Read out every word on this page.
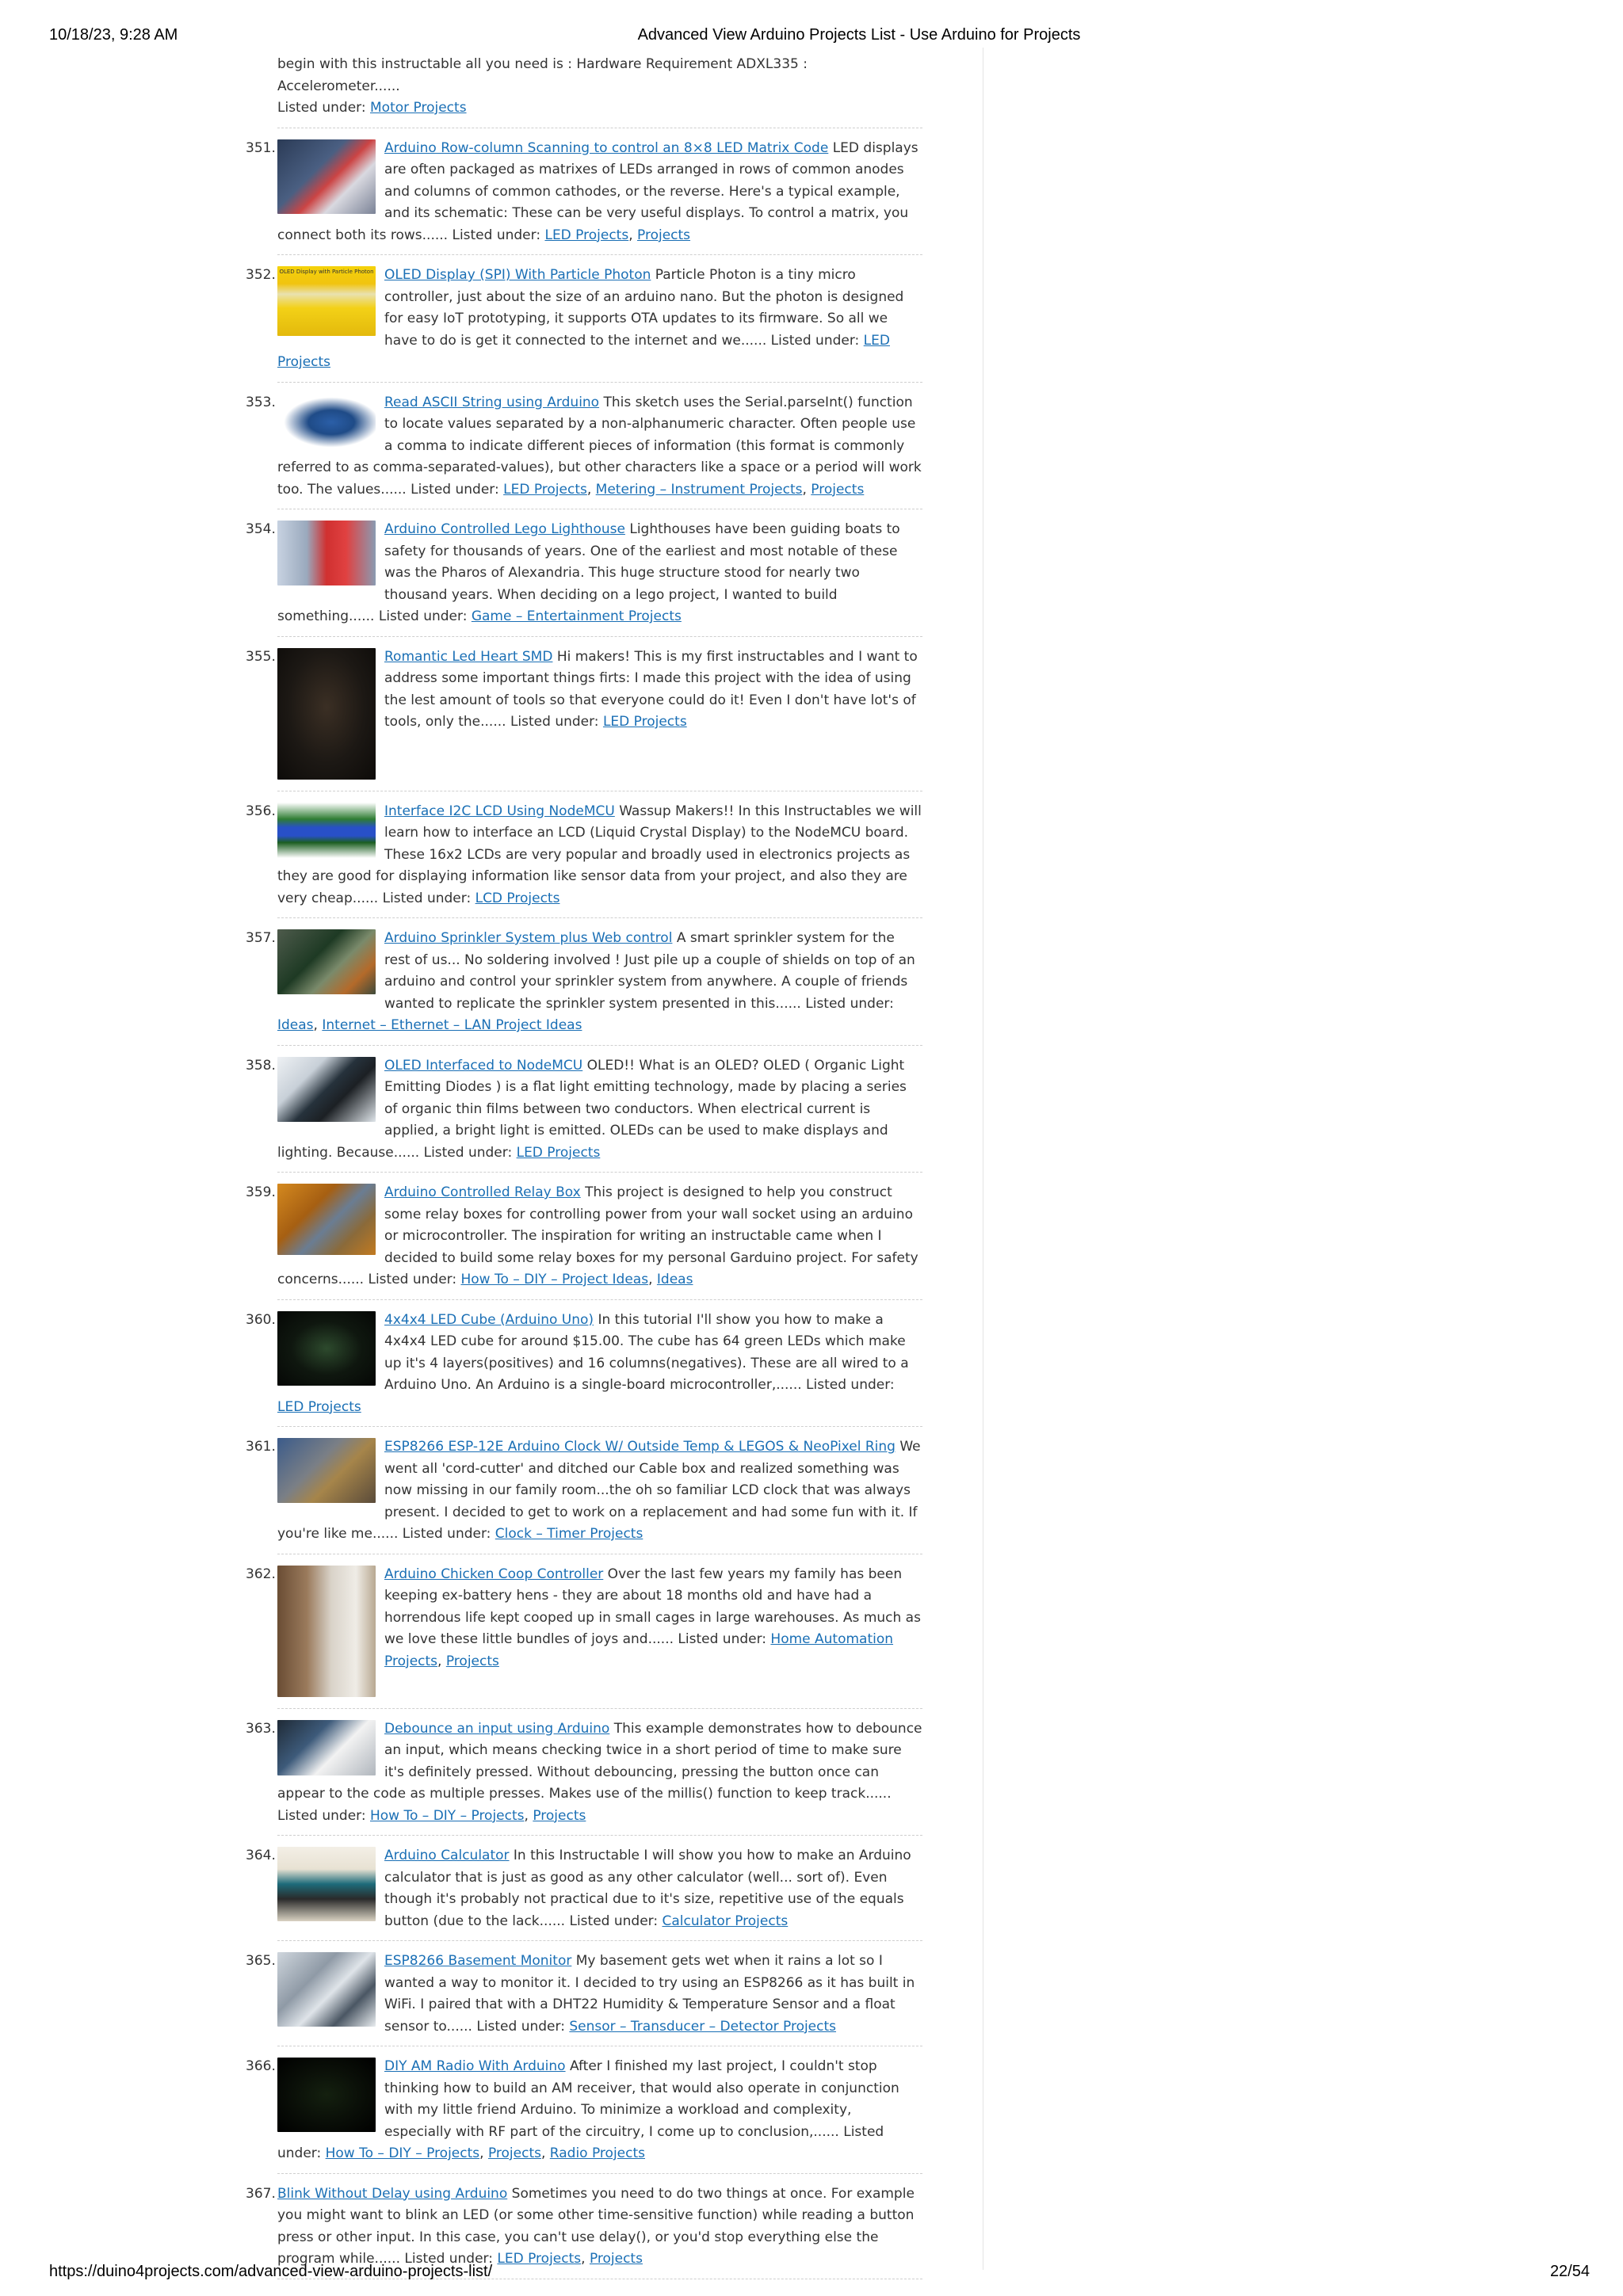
10/18/23, 9:28 AM	Advanced View Arduino Projects List - Use Arduino for Projects
begin with this instructable all you need is : Hardware Requirement ADXL335 : Accelerometer......
Listed under: Motor Projects
351.	Arduino Row-column Scanning to control an 8×8 LED Matrix Code LED displays are often packaged as matrixes of LEDs arranged in rows of common anodes and columns of common cathodes, or the reverse. Here's a typical example, and its schematic: These can be very useful displays. To control a matrix, you connect both its rows...... Listed under: LED Projects, Projects
352. OLED Display with Particle Photon OLED Display (SPI) With Particle Photon Particle Photon is a tiny micro controller, just about the size of an arduino nano. But the photon is designed for easy IoT prototyping, it supports OTA updates to its firmware. So all we have to do is get it connected to the internet and we...... Listed under: LED Projects
353.	Read ASCII String using Arduino This sketch uses the Serial.parseInt() function to locate values separated by a non-alphanumeric character. Often people use a comma to indicate different pieces of information (this format is commonly referred to as comma-separated-values), but other characters like a space or a period will work too. The values...... Listed under: LED Projects, Metering – Instrument Projects, Projects
354.	Arduino Controlled Lego Lighthouse Lighthouses have been guiding boats to safety for thousands of years. One of the earliest and most notable of these was the Pharos of Alexandria. This huge structure stood for nearly two thousand years. When deciding on a lego project, I wanted to build something...... Listed under: Game – Entertainment Projects
355.	Romantic Led Heart SMD Hi makers! This is my first instructables and I want to address some important things firts: I made this project with the idea of using the lest amount of tools so that everyone could do it! Even I don't have lot's of tools, only the...... Listed under: LED Projects
356.	Interface I2C LCD Using NodeMCU Wassup Makers!! In this Instructables we will learn how to interface an LCD (Liquid Crystal Display) to the NodeMCU board. These 16x2 LCDs are very popular and broadly used in electronics projects as they are good for displaying information like sensor data from your project, and also they are very cheap...... Listed under: LCD Projects
357.	Arduino Sprinkler System plus Web control A smart sprinkler system for the rest of us... No soldering involved ! Just pile up a couple of shields on top of an arduino and control your sprinkler system from anywhere. A couple of friends wanted to replicate the sprinkler system presented in this...... Listed under: Ideas, Internet – Ethernet – LAN Project Ideas
358.	OLED Interfaced to NodeMCU OLED!! What is an OLED? OLED ( Organic Light Emitting Diodes ) is a flat light emitting technology, made by placing a series of organic thin films between two conductors. When electrical current is applied, a bright light is emitted. OLEDs can be used to make displays and lighting. Because...... Listed under: LED Projects
359.	Arduino Controlled Relay Box This project is designed to help you construct some relay boxes for controlling power from your wall socket using an arduino or microcontroller. The inspiration for writing an instructable came when I decided to build some relay boxes for my personal Garduino project. For safety concerns...... Listed under: How To – DIY – Project Ideas, Ideas
360.	4x4x4 LED Cube (Arduino Uno) In this tutorial I'll show you how to make a 4x4x4 LED cube for around $15.00. The cube has 64 green LEDs which make up it's 4 layers(positives) and 16 columns(negatives). These are all wired to a Arduino Uno. An Arduino is a single-board microcontroller,...... Listed under: LED Projects
361.	ESP8266 ESP-12E Arduino Clock W/ Outside Temp & LEGOS & NeoPixel Ring We went all 'cord-cutter' and ditched our Cable box and realized something was now missing in our family room...the oh so familiar LCD clock that was always present. I decided to get to work on a replacement and had some fun with it. If you're like me...... Listed under: Clock – Timer Projects
362.	Arduino Chicken Coop Controller Over the last few years my family has been keeping ex-battery hens - they are about 18 months old and have had a horrendous life kept cooped up in small cages in large warehouses. As much as we love these little bundles of joys and...... Listed under: Home Automation Projects, Projects
363.	Debounce an input using Arduino This example demonstrates how to debounce an input, which means checking twice in a short period of time to make sure it's definitely pressed. Without debouncing, pressing the button once can appear to the code as multiple presses. Makes use of the millis() function to keep track...... Listed under: How To – DIY – Projects, Projects
364.	Arduino Calculator In this Instructable I will show you how to make an Arduino calculator that is just as good as any other calculator (well... sort of). Even though it's probably not practical due to it's size, repetitive use of the equals button (due to the lack...... Listed under: Calculator Projects
365.	ESP8266 Basement Monitor My basement gets wet when it rains a lot so I wanted a way to monitor it. I decided to try using an ESP8266 as it has built in WiFi. I paired that with a DHT22 Humidity & Temperature Sensor and a float sensor to...... Listed under: Sensor – Transducer – Detector Projects
366.	DIY AM Radio With Arduino After I finished my last project, I couldn't stop thinking how to build an AM receiver, that would also operate in conjunction with my little friend Arduino. To minimize a workload and complexity, especially with RF part of the circuitry, I come up to conclusion,...... Listed under: How To – DIY – Projects, Projects, Radio Projects
367. Blink Without Delay using Arduino Sometimes you need to do two things at once. For example you might want to blink an LED (or some other time-sensitive function) while reading a button press or other input. In this case, you can't use delay(), or you'd stop everything else the program while...... Listed under: LED Projects, Projects
https://duino4projects.com/advanced-view-arduino-projects-list/	22/54
